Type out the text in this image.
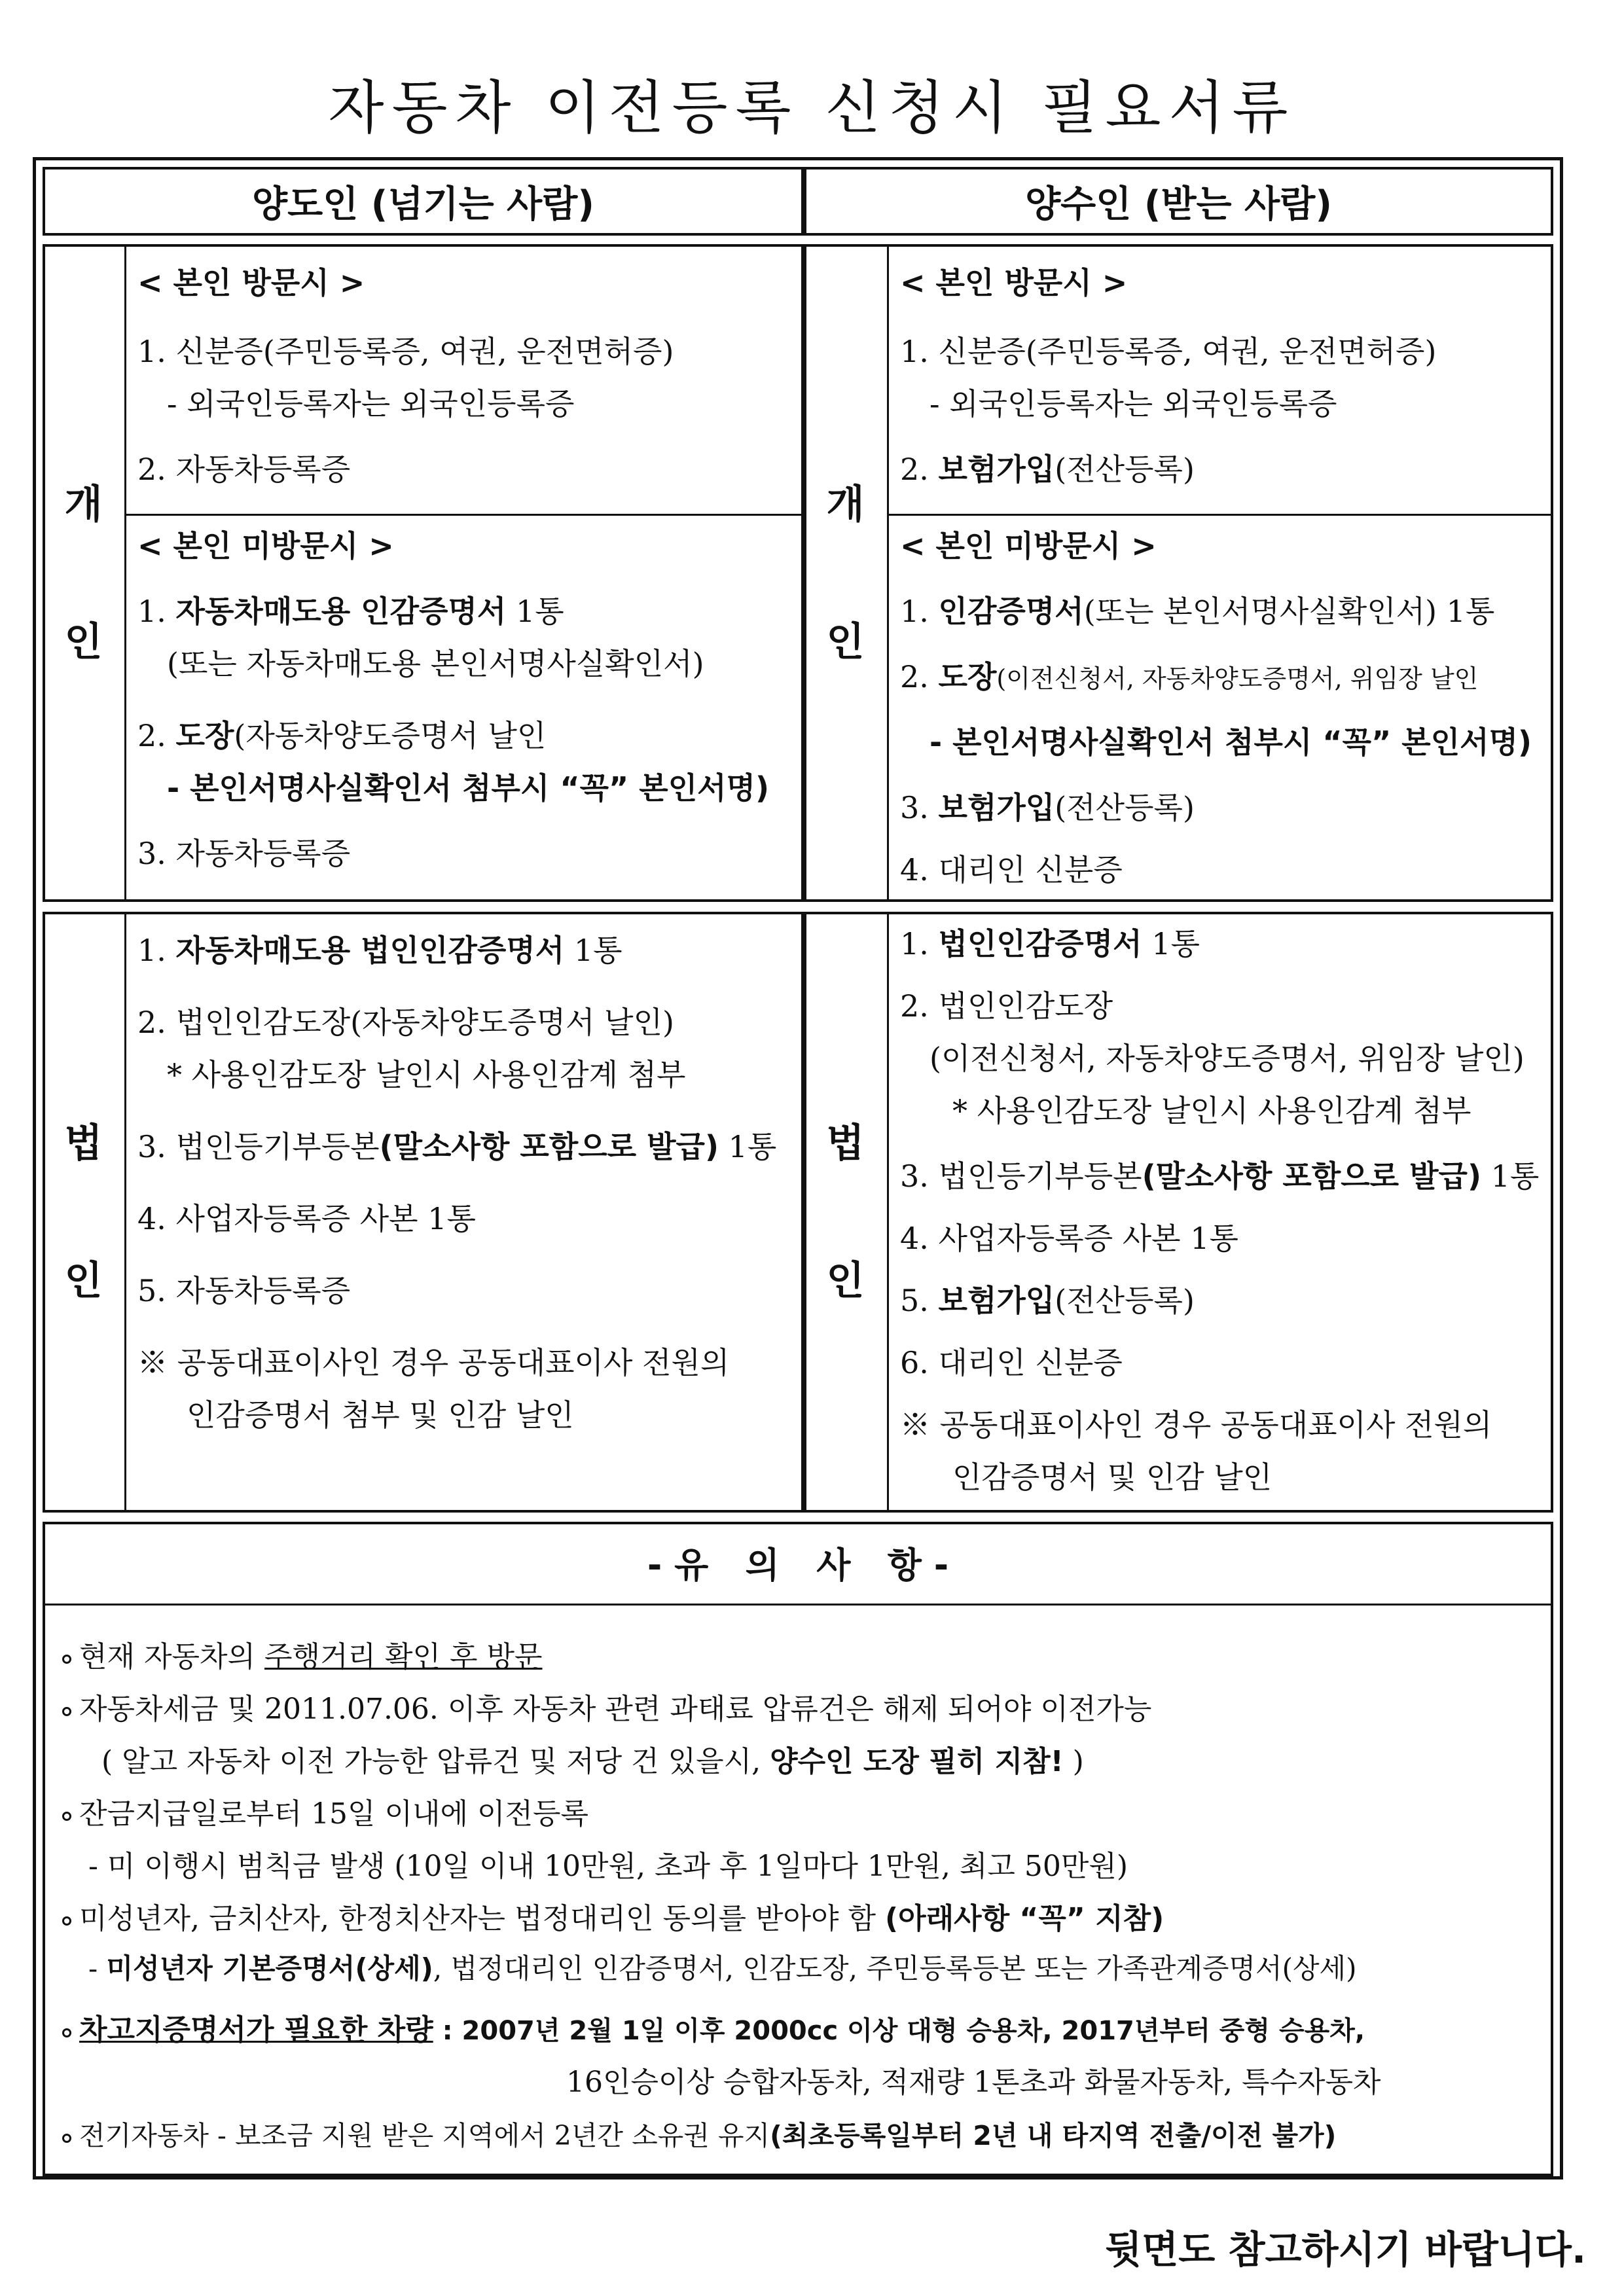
자동차 이전등록 신청시 필요서류
양도인 (넘기는 사람)	양수인 (받는 사람)
개
인
개
인
< 본인 방문시 >
1. 신분증(주민등록증, 여권, 운전면허증)
- 외국인등록자는 외국인등록증
2. 자동차등록증
< 본인 미방문시 >
1. 자동차매도용 인감증명서 1통
(또는 자동차매도용 본인서명사실확인서)
2. 도장(자동차양도증명서 날인
- 본인서명사실확인서 첨부시 “꼭” 본인서명)
3. 자동차등록증
< 본인 방문시 >
1. 신분증(주민등록증, 여권, 운전면허증)
- 외국인등록자는 외국인등록증
2. 보험가입(전산등록)
< 본인 미방문시 >
1. 인감증명서(또는 본인서명사실확인서) 1통
2. 도장(이전신청서, 자동차양도증명서, 위임장 날인
- 본인서명사실확인서 첨부시 “꼭” 본인서명)
3. 보험가입(전산등록)
4. 대리인 신분증
법
인
법
인
1. 자동차매도용 법인인감증명서 1통
2. 법인인감도장(자동차양도증명서 날인)
* 사용인감도장 날인시 사용인감계 첨부
3. 법인등기부등본(말소사항 포함으로 발급) 1통
4. 사업자등록증 사본 1통
5. 자동차등록증
※ 공동대표이사인 경우 공동대표이사 전원의
인감증명서 첨부 및 인감 날인
1. 법인인감증명서 1통
2. 법인인감도장
(이전신청서, 자동차양도증명서, 위임장 날인)
* 사용인감도장 날인시 사용인감계 첨부
3. 법인등기부등본(말소사항 포함으로 발급) 1통
4. 사업자등록증 사본 1통
5. 보험가입(전산등록)
6. 대리인 신분증
※ 공동대표이사인 경우 공동대표이사 전원의
인감증명서 및 인감 날인
- 유   의   사   항 -
현재 자동차의 주행거리 확인 후 방문
자동차세금 및 2011.07.06. 이후 자동차 관련 과태료 압류건은 해제 되어야 이전가능
( 알고 자동차 이전 가능한 압류건 및 저당 건 있을시, 양수인 도장 필히 지참! )
잔금지급일로부터 15일 이내에 이전등록
- 미 이행시 범칙금 발생 (10일 이내 10만원, 초과 후 1일마다 1만원, 최고 50만원)
미성년자, 금치산자, 한정치산자는 법정대리인 동의를 받아야 함 (아래사항 “꼭” 지참)
- 미성년자 기본증명서(상세), 법정대리인 인감증명서, 인감도장, 주민등록등본 또는 가족관계증명서(상세)
차고지증명서가 필요한 차량 : 2007년 2월 1일 이후 2000cc 이상 대형 승용차, 2017년부터 중형 승용차,
16인승이상 승합자동차, 적재량 1톤초과 화물자동차, 특수자동차
전기자동차 - 보조금 지원 받은 지역에서 2년간 소유권 유지(최초등록일부터 2년 내 타지역 전출/이전 불가)
뒷면도 참고하시기 바랍니다.
